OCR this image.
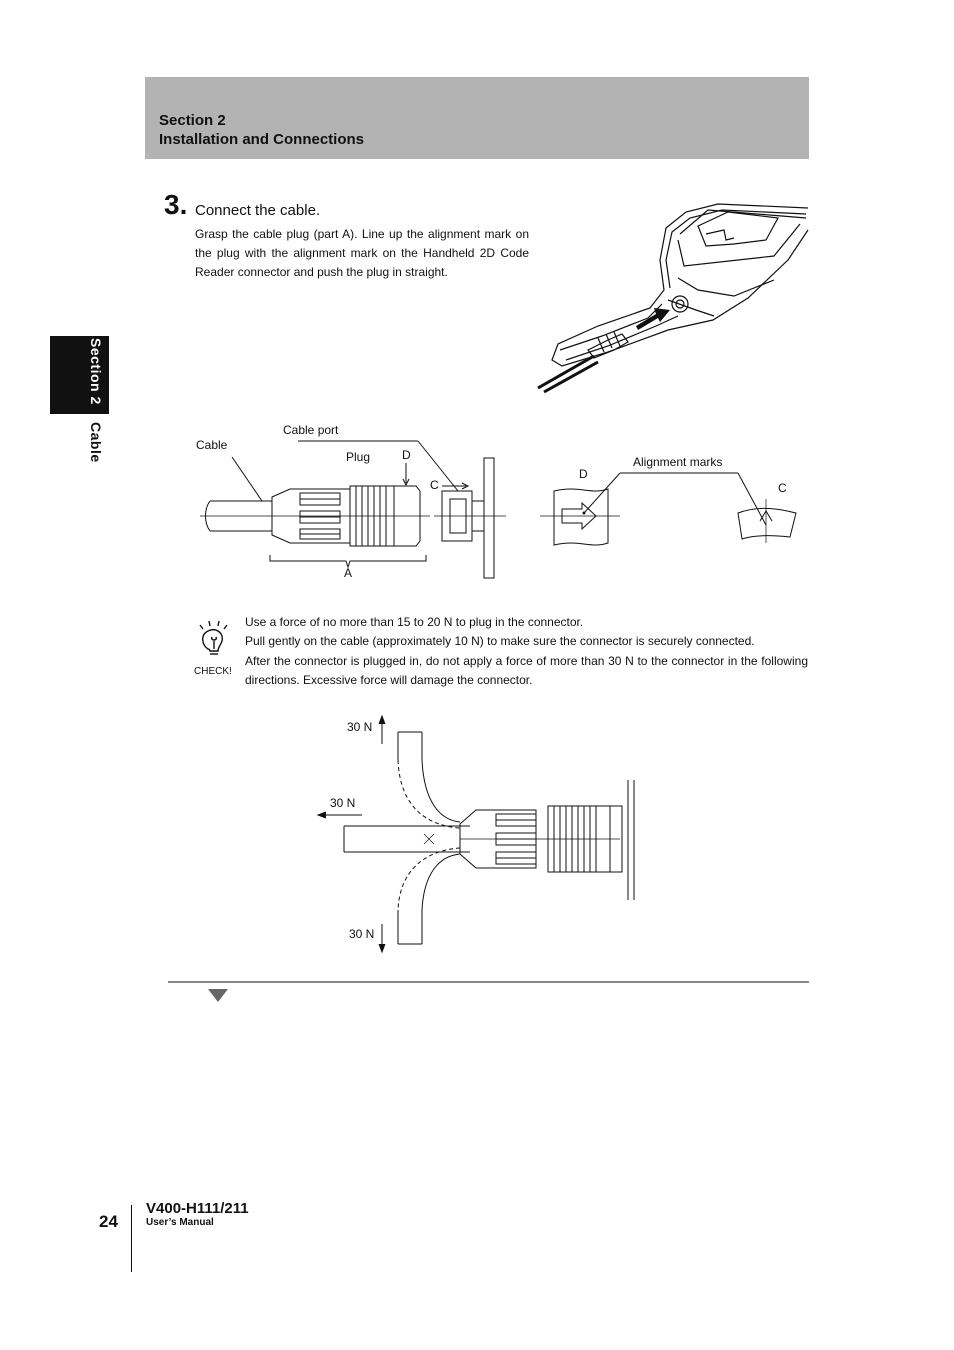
Section 2
Installation and Connections
Section 2
Cable
3. Connect the cable.
Grasp the cable plug (part A). Line up the alignment mark on the plug with the alignment mark on the Handheld 2D Code Reader connector and push the plug in straight.
Cable
Cable port
Plug	D
C
A
D
Alignment marks
C
CHECK!

Use a force of no more than 15 to 20 N to plug in the connector.

Pull gently on the cable (approximately 10 N) to make sure the connector is securely connected.

After the connector is plugged in, do not apply a force of more than 30 N to the connector in the following directions. Excessive force will damage the connector.

30 N
30 N
30 N
24
V400-H111/211
User’s Manual
